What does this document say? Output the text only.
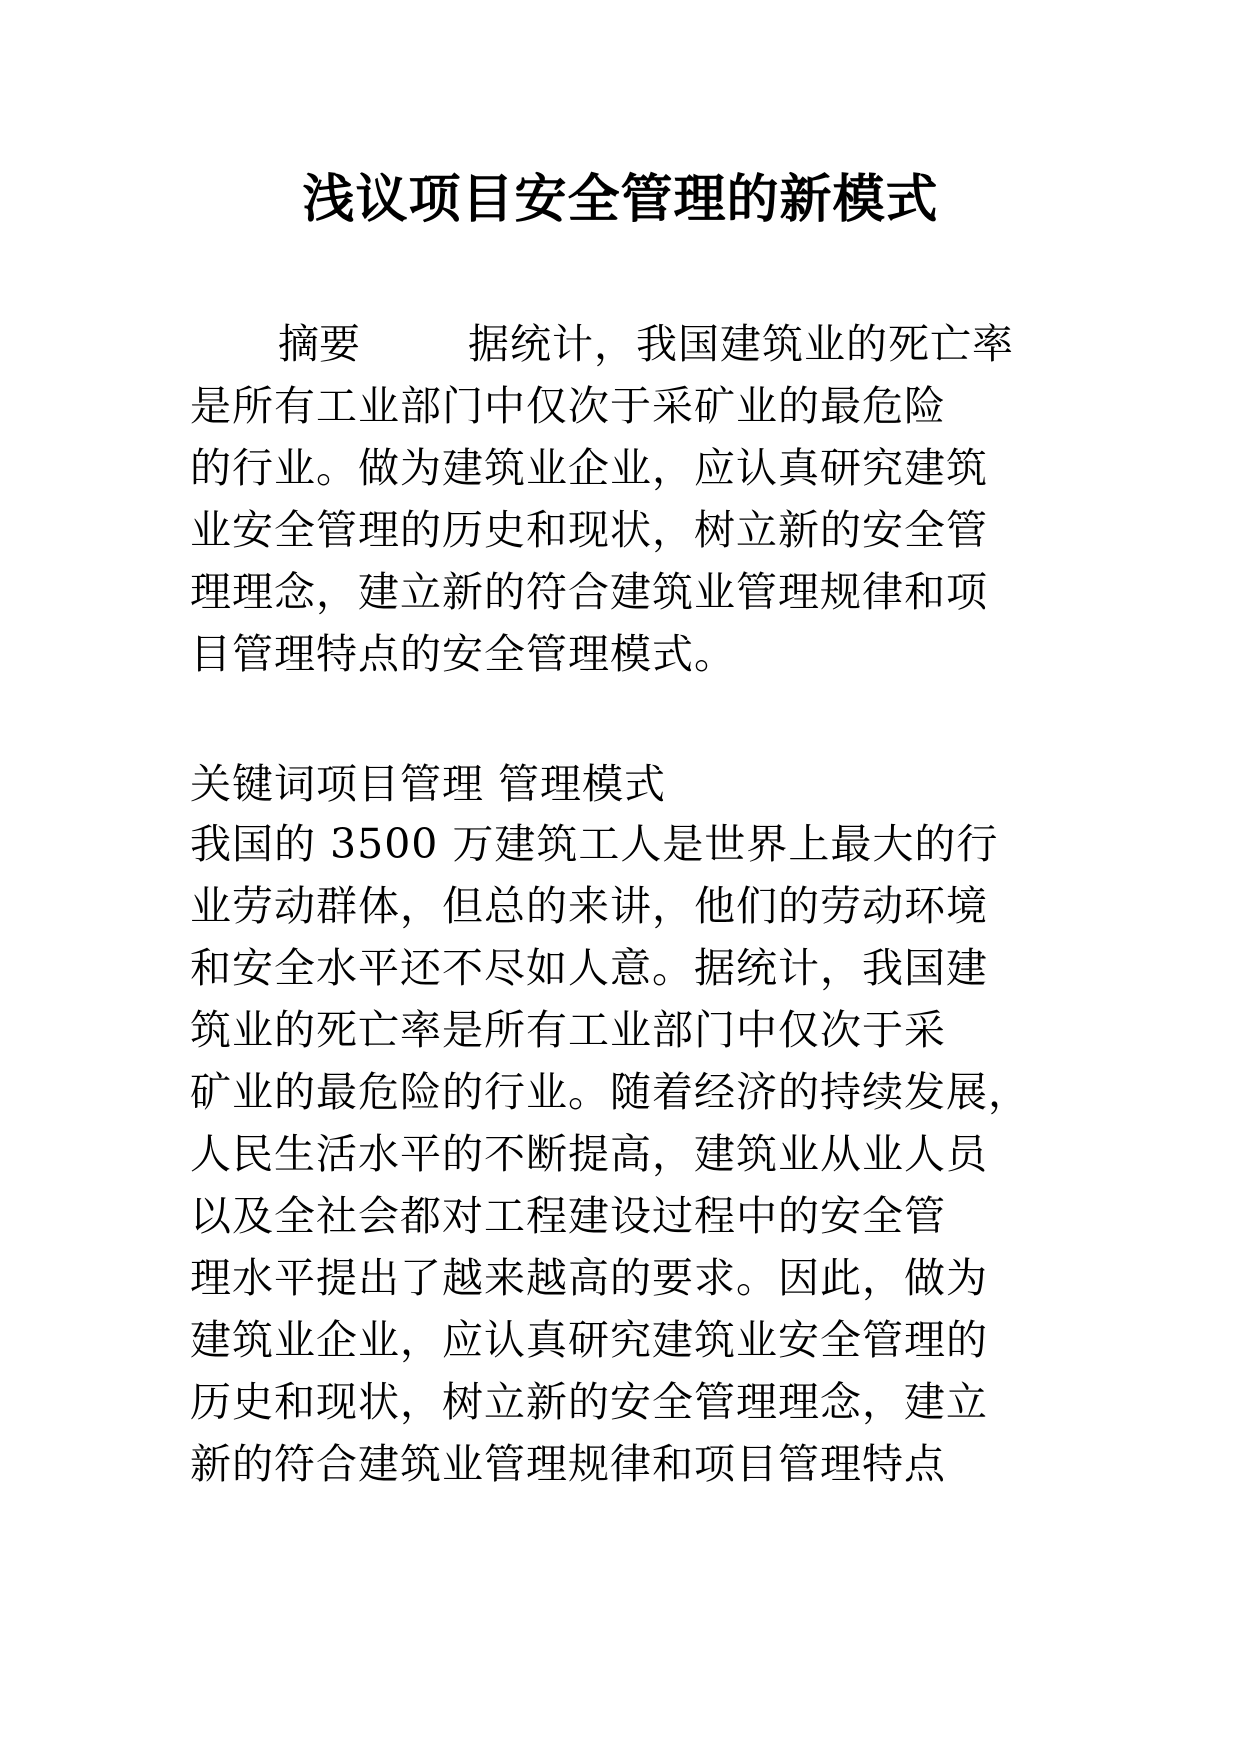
浅议项目安全管理的新模式
摘要	据统计，我国建筑业的死亡率
是所有工业部门中仅次于采矿业的最危险
的行业。做为建筑业企业，应认真研究建筑
业安全管理的历史和现状，树立新的安全管
理理念，建立新的符合建筑业管理规律和项
目管理特点的安全管理模式。
关键词项目管理 管理模式
我国的 3500 万建筑工人是世界上最大的行
业劳动群体，但总的来讲，他们的劳动环境
和安全水平还不尽如人意。据统计，我国建
筑业的死亡率是所有工业部门中仅次于采
矿业的最危险的行业。随着经济的持续发展，
人民生活水平的不断提高，建筑业从业人员
以及全社会都对工程建设过程中的安全管
理水平提出了越来越高的要求。因此，做为
建筑业企业，应认真研究建筑业安全管理的
历史和现状，树立新的安全管理理念，建立
新的符合建筑业管理规律和项目管理特点
